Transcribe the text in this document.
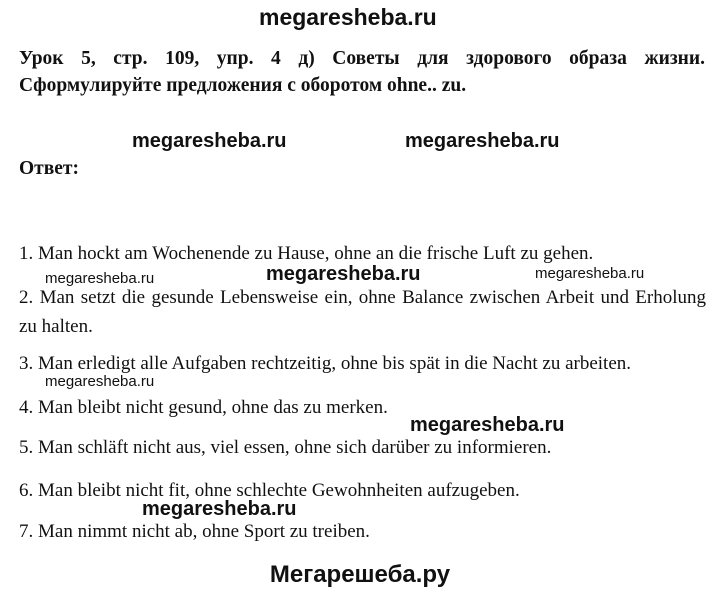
megaresheba.ru
megaresheba.ru	megaresheba.ru
Урок 5, стр. 109, упр. 4 д) Советы для здорового образа жизни. Сформулируйте предложения с оборотом ohne.. zu.
Ответ:
1. Man hockt am Wochenende zu Hause, ohne an die frische Luft zu gehen.
megaresheba.ru	megaresheba.ru	megaresheba.ru
2. Man setzt die gesunde Lebensweise ein, ohne Balance zwischen Arbeit und Erholung zu halten.
3. Man erledigt alle Aufgaben rechtzeitig, ohne bis spät in die Nacht zu arbeiten.
megaresheba.ru
4. Man bleibt nicht gesund, ohne das zu merken.
megaresheba.ru
5. Man schläft nicht aus, viel essen, ohne sich darüber zu informieren.
6. Man bleibt nicht fit, ohne schlechte Gewohnheiten aufzugeben.
megaresheba.ru
7. Man nimmt nicht ab, ohne Sport zu treiben.
Мегарешеба.ру
